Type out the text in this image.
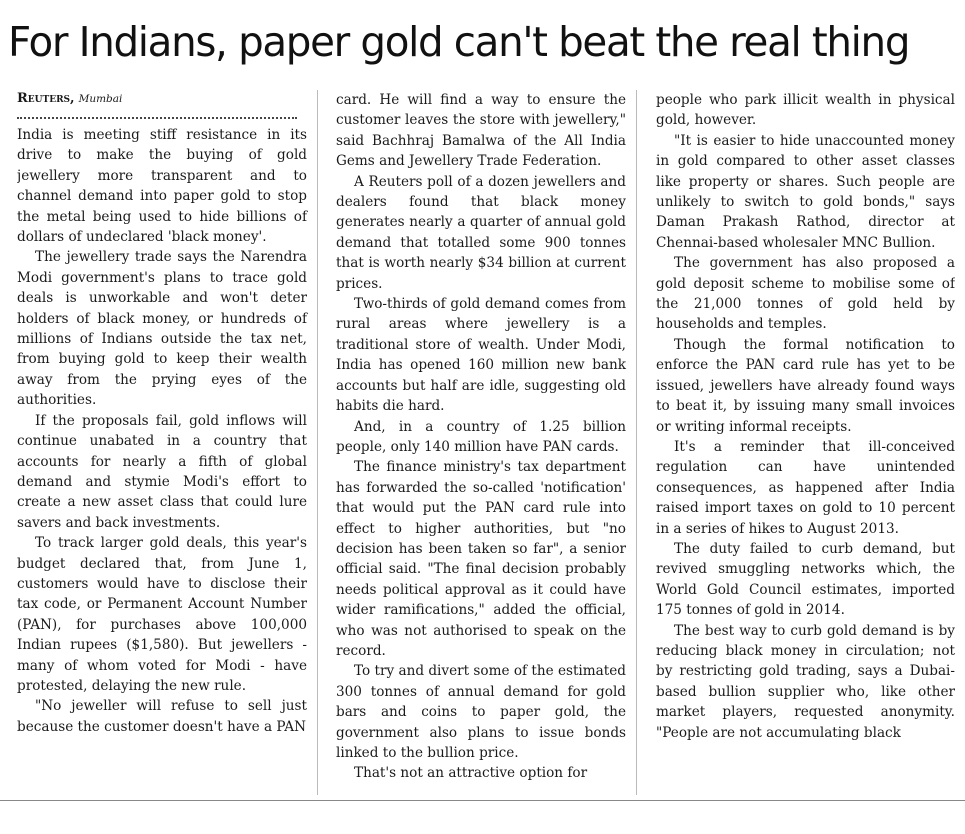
For Indians, paper gold can't beat the real thing
Reuters, Mumbai

India is meeting stiff resistance in its drive to make the buying of gold jewellery more transparent and to channel demand into paper gold to stop the metal being used to hide billions of dollars of undeclared 'black money'.

The jewellery trade says the Narendra Modi government's plans to trace gold deals is unworkable and won't deter holders of black money, or hundreds of millions of Indians outside the tax net, from buying gold to keep their wealth away from the prying eyes of the authorities.

If the proposals fail, gold inflows will continue unabated in a country that accounts for nearly a fifth of global demand and stymie Modi's effort to create a new asset class that could lure savers and back investments.

To track larger gold deals, this year's budget declared that, from June 1, customers would have to disclose their tax code, or Permanent Account Number (PAN), for purchases above 100,000 Indian rupees ($1,580). But jewellers - many of whom voted for Modi - have protested, delaying the new rule.

"No jeweller will refuse to sell just because the customer doesn't have a PAN

card. He will find a way to ensure the customer leaves the store with jewellery," said Bachhraj Bamalwa of the All India Gems and Jewellery Trade Federation.

A Reuters poll of a dozen jewellers and dealers found that black money generates nearly a quarter of annual gold demand that totalled some 900 tonnes that is worth nearly $34 billion at current prices.

Two-thirds of gold demand comes from rural areas where jewellery is a traditional store of wealth. Under Modi, India has opened 160 million new bank accounts but half are idle, suggesting old habits die hard.

And, in a country of 1.25 billion people, only 140 million have PAN cards.

The finance ministry's tax department has forwarded the so-called 'notification' that would put the PAN card rule into effect to higher authorities, but "no decision has been taken so far", a senior official said. "The final decision probably needs political approval as it could have wider ramifications," added the official, who was not authorised to speak on the record.

To try and divert some of the estimated 300 tonnes of annual demand for gold bars and coins to paper gold, the government also plans to issue bonds linked to the bullion price.

That's not an attractive option for

people who park illicit wealth in physical gold, however.

"It is easier to hide unaccounted money in gold compared to other asset classes like property or shares. Such people are unlikely to switch to gold bonds," says Daman Prakash Rathod, director at Chennai-based wholesaler MNC Bullion.

The government has also proposed a gold deposit scheme to mobilise some of the 21,000 tonnes of gold held by households and temples.

Though the formal notification to enforce the PAN card rule has yet to be issued, jewellers have already found ways to beat it, by issuing many small invoices or writing informal receipts.

It's a reminder that ill-conceived regulation can have unintended consequences, as happened after India raised import taxes on gold to 10 percent in a series of hikes to August 2013.

The duty failed to curb demand, but revived smuggling networks which, the World Gold Council estimates, imported 175 tonnes of gold in 2014.

The best way to curb gold demand is by reducing black money in circulation; not by restricting gold trading, says a Dubai-based bullion supplier who, like other market players, requested anonymity. "People are not accumulating black
